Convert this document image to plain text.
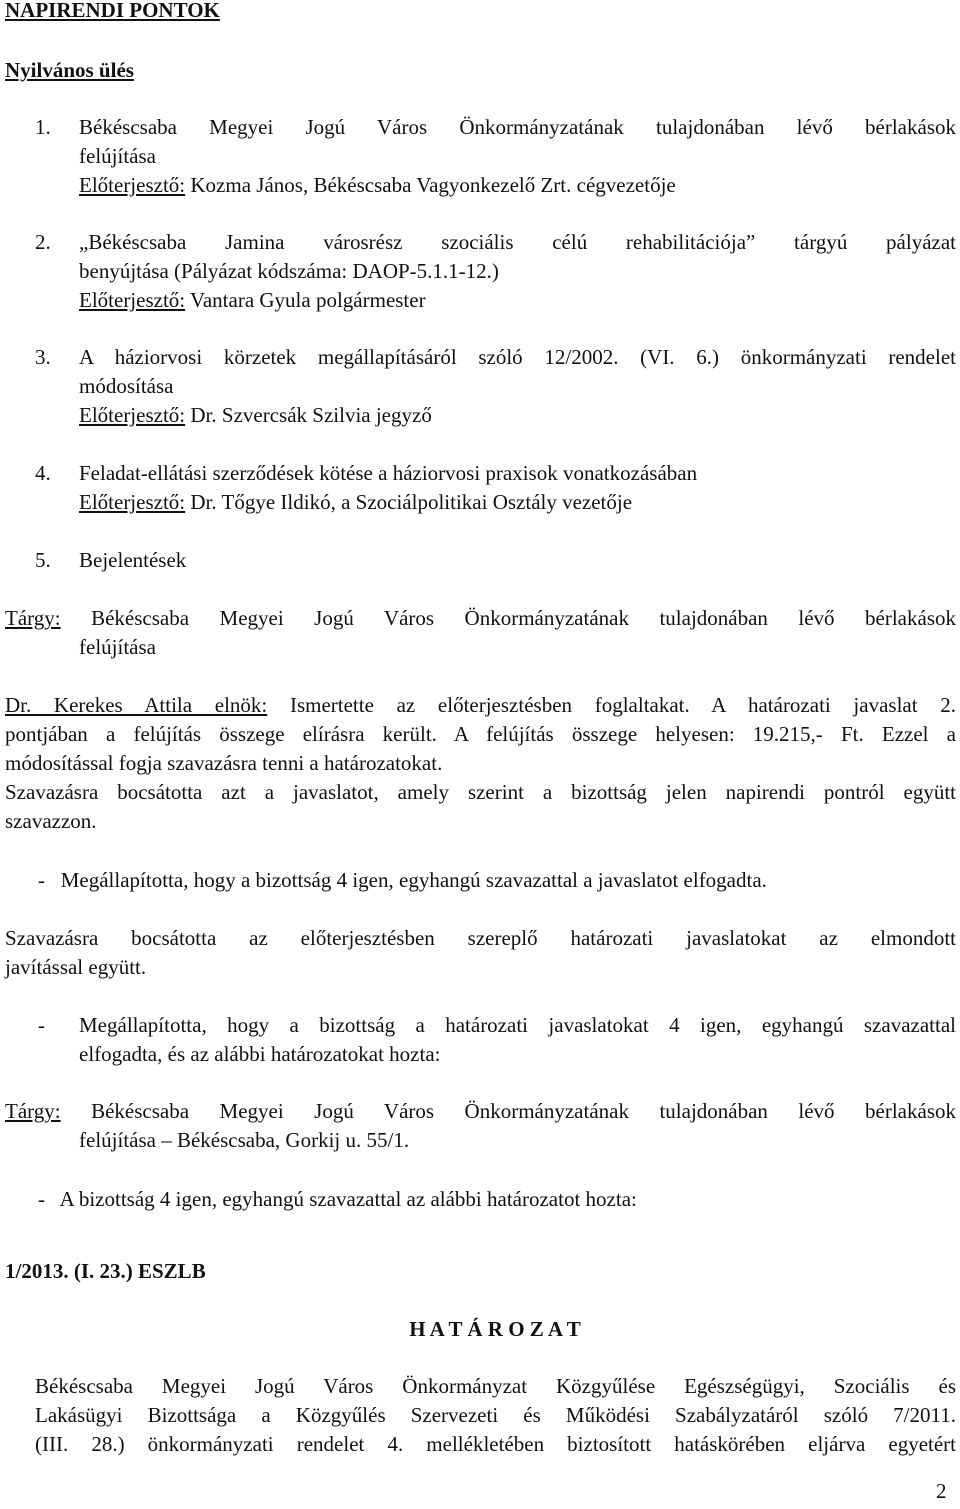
NAPIRENDI PONTOK
Nyilvános ülés
1.	Békéscsaba Megyei Jogú Város Önkormányzatának tulajdonában lévő bérlakások
felújítása
Előterjesztő: Kozma János, Békéscsaba Vagyonkezelő Zrt. cégvezetője
2.	„Békéscsaba Jamina városrész szociális célú rehabilitációja” tárgyú pályázat
benyújtása (Pályázat kódszáma: DAOP-5.1.1-12.)
Előterjesztő: Vantara Gyula polgármester
3.	A háziorvosi körzetek megállapításáról szóló 12/2002. (VI. 6.) önkormányzati rendelet
módosítása
Előterjesztő: Dr. Szvercsák Szilvia jegyző
4.	Feladat-ellátási szerződések kötése a háziorvosi praxisok vonatkozásában
Előterjesztő: Dr. Tőgye Ildikó, a Szociálpolitikai Osztály vezetője
5.	Bejelentések
Tárgy: Békéscsaba Megyei Jogú Város Önkormányzatának tulajdonában lévő bérlakások
felújítása
Dr. Kerekes Attila elnök: Ismertette az előterjesztésben foglaltakat. A határozati javaslat 2.
pontjában a felújítás összege elírásra került. A felújítás összege helyesen: 19.215,- Ft. Ezzel a
módosítással fogja szavazásra tenni a határozatokat.
Szavazásra bocsátotta azt a javaslatot, amely szerint a bizottság jelen napirendi pontról együtt
szavazzon.
-   Megállapította, hogy a bizottság 4 igen, egyhangú szavazattal a javaslatot elfogadta.
Szavazásra bocsátotta az előterjesztésben szereplő határozati javaslatokat az elmondott
javítással együtt.
-	Megállapította, hogy a bizottság a határozati javaslatokat 4 igen, egyhangú szavazattal
elfogadta, és az alábbi határozatokat hozta:
Tárgy: Békéscsaba Megyei Jogú Város Önkormányzatának tulajdonában lévő bérlakások
felújítása – Békéscsaba, Gorkij u. 55/1.
-   A bizottság 4 igen, egyhangú szavazattal az alábbi határozatot hozta:
1/2013. (I. 23.) ESZLB
H A T Á R O Z A T
Békéscsaba Megyei Jogú Város Önkormányzat Közgyűlése Egészségügyi, Szociális és
Lakásügyi Bizottsága a Közgyűlés Szervezeti és Működési Szabályzatáról szóló 7/2011.
(III. 28.) önkormányzati rendelet 4. mellékletében biztosított hatáskörében eljárva egyetért
2
